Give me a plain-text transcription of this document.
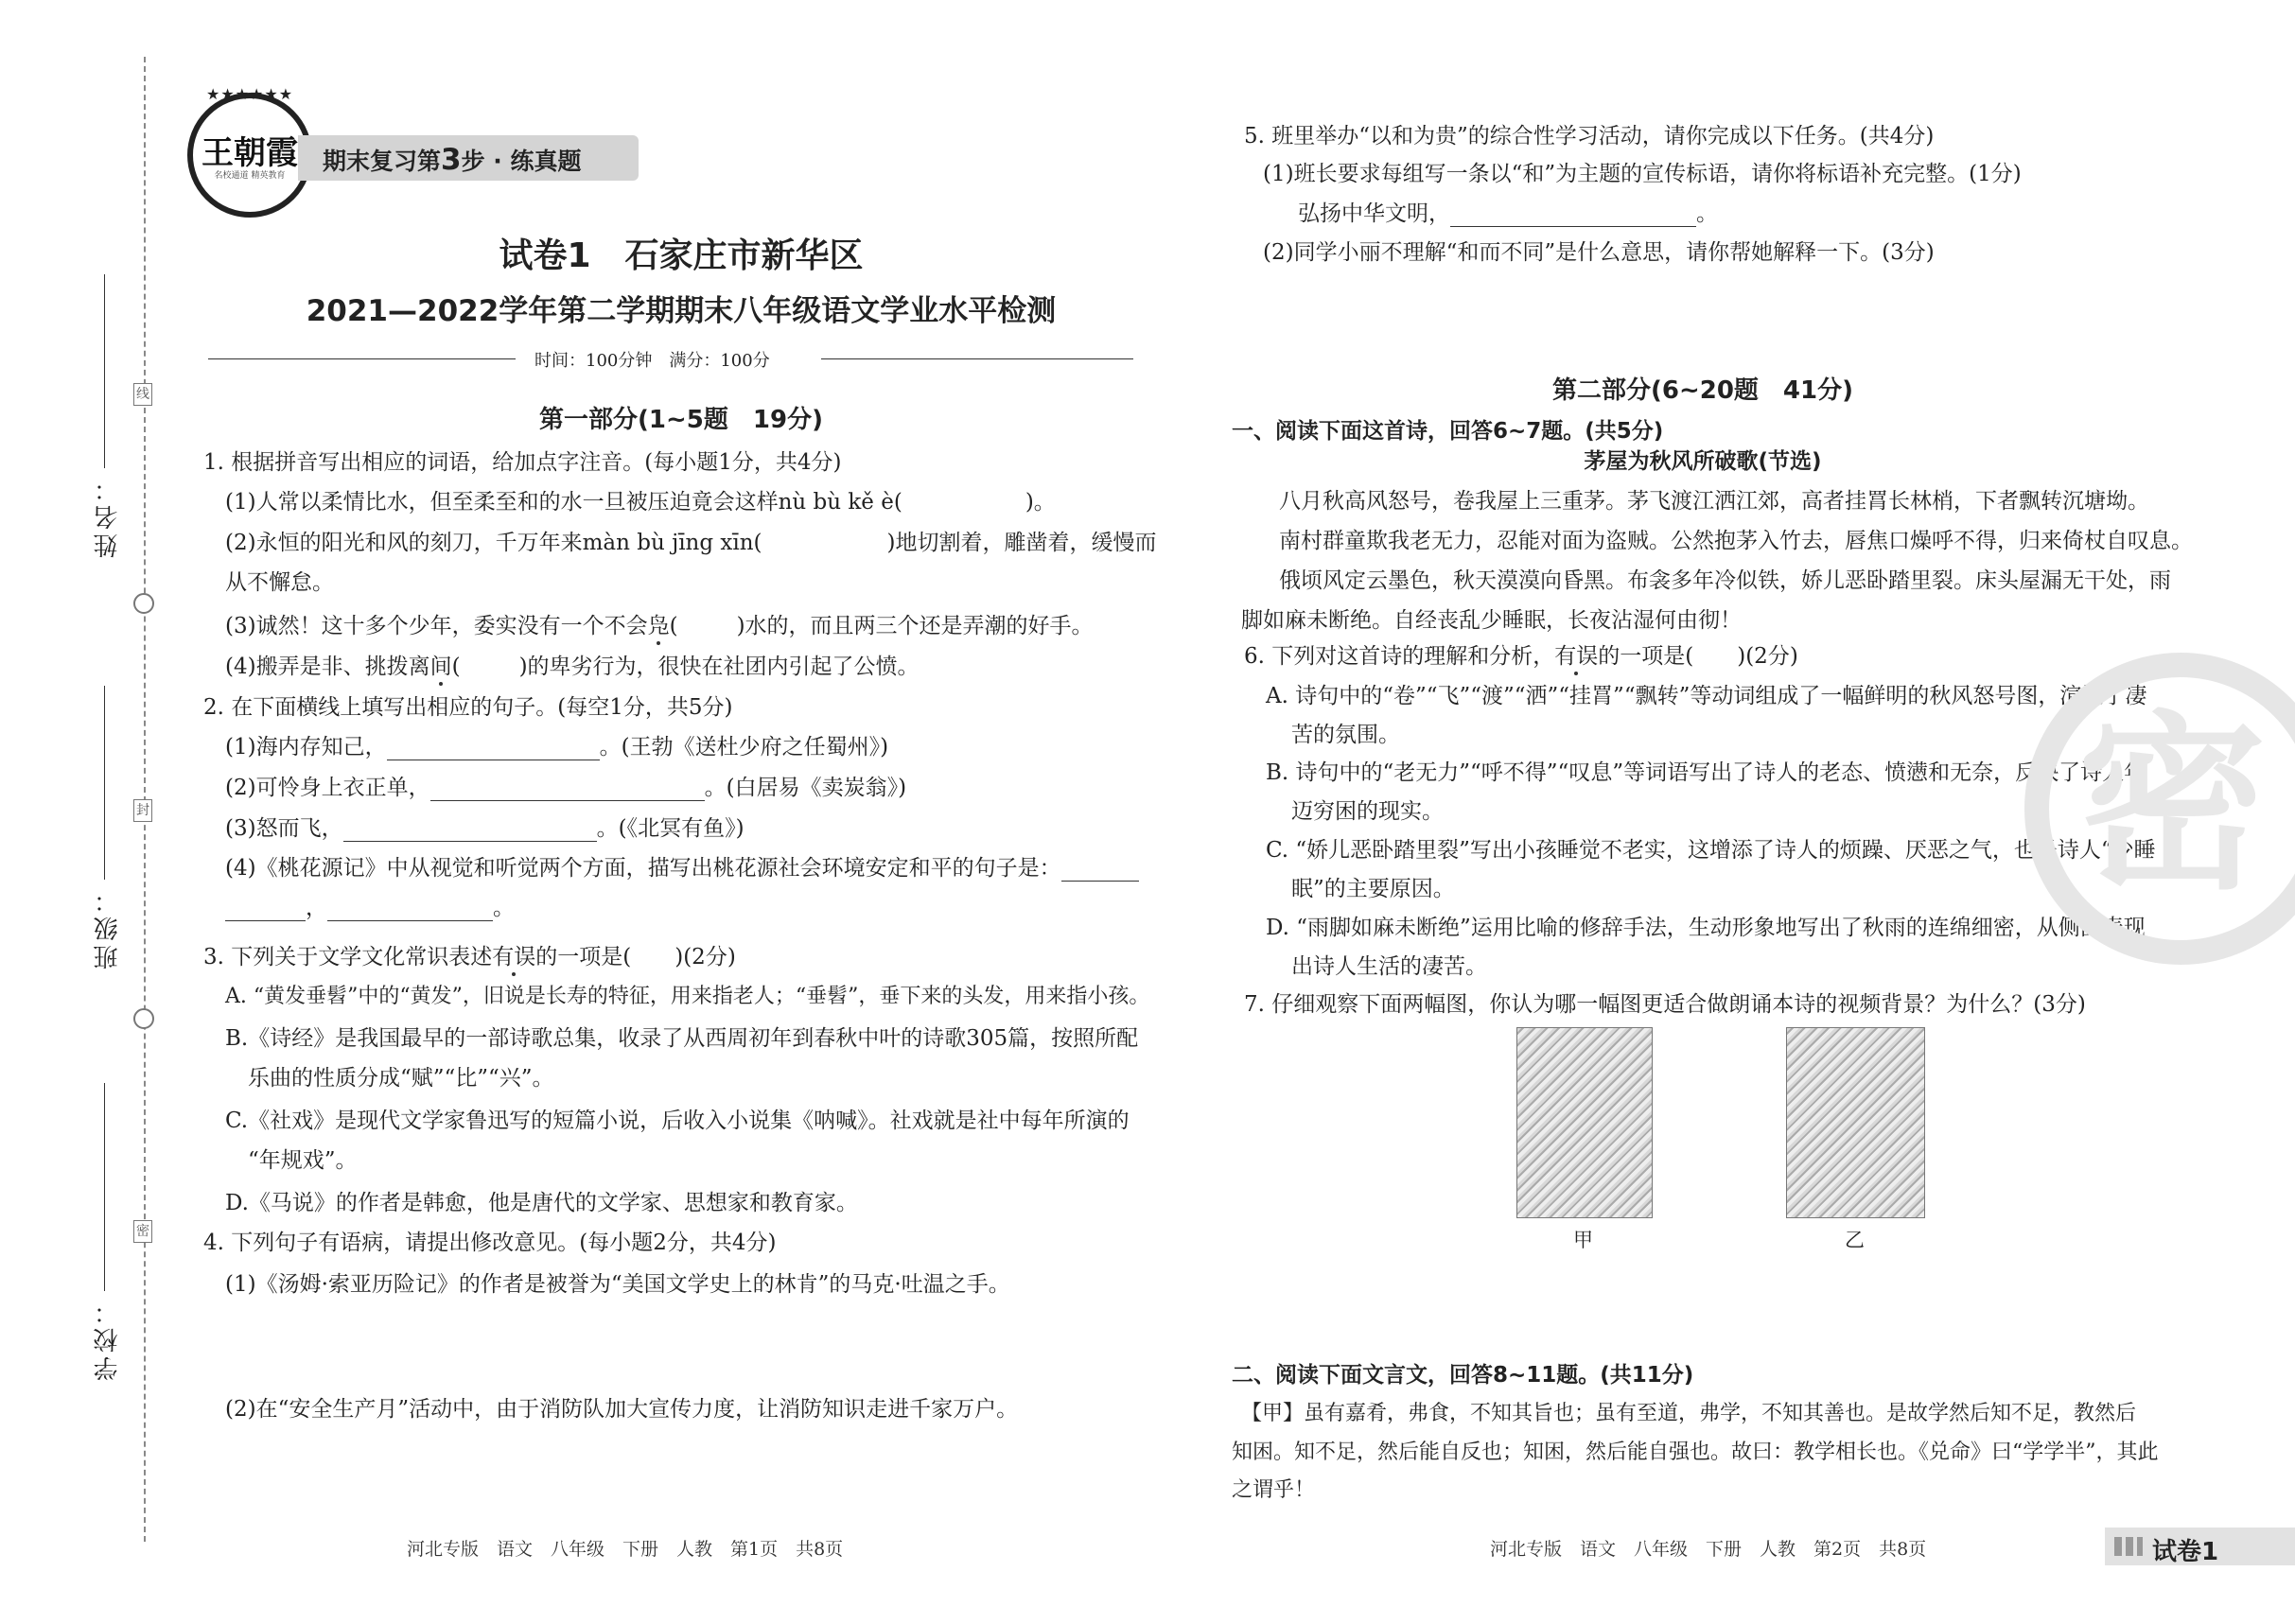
线
封
密
姓名：
班级：
学校：
★★★★★★
王朝霞
名校通道 精英教育
期末复习第3步 · 练真题
试卷1　石家庄市新华区
2021—2022学年第二学期期末八年级语文学业水平检测
时间：100分钟　满分：100分
第一部分(1~5题　19分)
1. 根据拼音写出相应的词语，给加点字注音。(每小题1分，共4分)
(1)人常以柔情比水，但至柔至和的水一旦被压迫竟会这样nù bù kě è(	)。
(2)永恒的阳光和风的刻刀，千万年来màn bù jīng xīn(	)地切割着，雕凿着，缓慢而
从不懈怠。
(3)诚然！这十多个少年，委实没有一个不会凫(	)水的，而且两三个还是弄潮的好手。
(4)搬弄是非、挑拨离间(	)的卑劣行为，很快在社团内引起了公愤。
2. 在下面横线上填写出相应的句子。(每空1分，共5分)
(1)海内存知己，	。(王勃《送杜少府之任蜀州》)
(2)可怜身上衣正单，	。(白居易《卖炭翁》)
(3)怒而飞，	。(《北冥有鱼》)
(4)《桃花源记》中从视觉和听觉两个方面，描写出桃花源社会环境安定和平的句子是：
，	。
3. 下列关于文学文化常识表述有误的一项是(　　)(2分)
A. “黄发垂髫”中的“黄发”，旧说是长寿的特征，用来指老人；“垂髫”，垂下来的头发，用来指小孩。
B.《诗经》是我国最早的一部诗歌总集，收录了从西周初年到春秋中叶的诗歌305篇，按照所配
乐曲的性质分成“赋”“比”“兴”。
C.《社戏》是现代文学家鲁迅写的短篇小说，后收入小说集《呐喊》。社戏就是社中每年所演的
“年规戏”。
D.《马说》的作者是韩愈，他是唐代的文学家、思想家和教育家。
4. 下列句子有语病，请提出修改意见。(每小题2分，共4分)
(1)《汤姆·索亚历险记》的作者是被誉为“美国文学史上的林肯”的马克·吐温之手。
(2)在“安全生产月”活动中，由于消防队加大宣传力度，让消防知识走进千家万户。
河北专版　语文　八年级　下册　人教　第1页　共8页
5. 班里举办“以和为贵”的综合性学习活动，请你完成以下任务。(共4分)
(1)班长要求每组写一条以“和”为主题的宣传标语，请你将标语补充完整。(1分)
弘扬中华文明，	。
(2)同学小丽不理解“和而不同”是什么意思，请你帮她解释一下。(3分)
第二部分(6~20题　41分)
一、阅读下面这首诗，回答6~7题。(共5分)
茅屋为秋风所破歌(节选)
八月秋高风怒号，卷我屋上三重茅。茅飞渡江洒江郊，高者挂罥长林梢，下者飘转沉塘坳。
南村群童欺我老无力，忍能对面为盗贼。公然抱茅入竹去，唇焦口燥呼不得，归来倚杖自叹息。
俄顷风定云墨色，秋天漠漠向昏黑。布衾多年冷似铁，娇儿恶卧踏里裂。床头屋漏无干处，雨
脚如麻未断绝。自经丧乱少睡眠，长夜沾湿何由彻！
6. 下列对这首诗的理解和分析，有误的一项是(　　)(2分)
A. 诗句中的“卷”“飞”“渡”“洒”“挂罥”“飘转”等动词组成了一幅鲜明的秋风怒号图，渲染了凄
苦的氛围。
B. 诗句中的“老无力”“呼不得”“叹息”等词语写出了诗人的老态、愤懑和无奈，反映了诗人年
迈穷困的现实。
C. “娇儿恶卧踏里裂”写出小孩睡觉不老实，这增添了诗人的烦躁、厌恶之气，也是诗人“少睡
眠”的主要原因。
D. “雨脚如麻未断绝”运用比喻的修辞手法，生动形象地写出了秋雨的连绵细密，从侧面表现
出诗人生活的凄苦。
7. 仔细观察下面两幅图，你认为哪一幅图更适合做朗诵本诗的视频背景？为什么？(3分)
甲	乙
二、阅读下面文言文，回答8~11题。(共11分)
【甲】虽有嘉肴，弗食，不知其旨也；虽有至道，弗学，不知其善也。是故学然后知不足，教然后
知困。知不足，然后能自反也；知困，然后能自强也。故曰：教学相长也。《兑命》曰“学学半”，其此
之谓乎！
密
河北专版　语文　八年级　下册　人教　第2页　共8页	试卷1
